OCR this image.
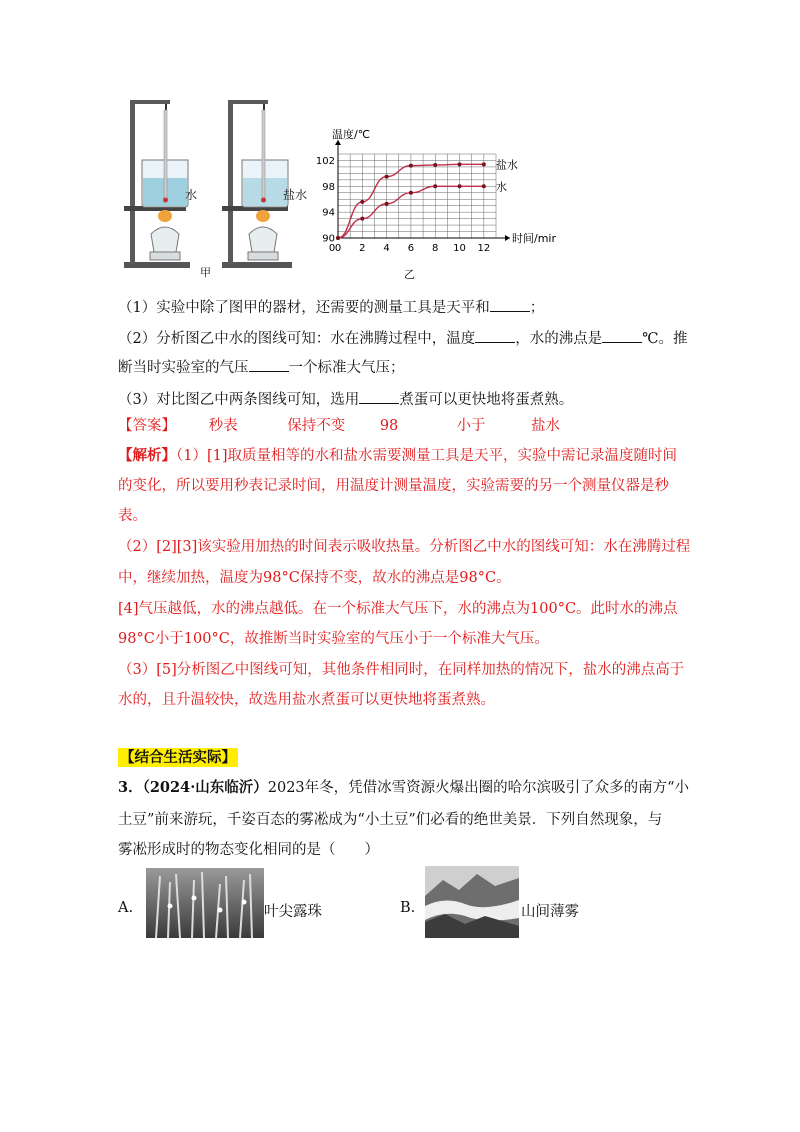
水	盐水
甲
0 2 4 6 8 10 12
94
98
102
90
0
温度/℃
时间/min
盐水
水
乙
（1）实验中除了图甲的器材，还需要的测量工具是天平和	；
（2）分析图乙中水的图线可知：水在沸腾过程中，温度	，水的沸点是	℃。推
断当时实验室的气压	一个标准大气压；
（3）对比图乙中两条图线可知，选用	煮蛋可以更快地将蛋煮熟。
【答案】 秒表	保持不变 98	小于	盐水
【解析】（1）[1]取质量相等的水和盐水需要测量工具是天平，实验中需记录温度随时间
的变化，所以要用秒表记录时间，用温度计测量温度，实验需要的另一个测量仪器是秒
表。
（2）[2][3]该实验用加热的时间表示吸收热量。分析图乙中水的图线可知：水在沸腾过程
中，继续加热，温度为98°C保持不变，故水的沸点是98°C。
[4]气压越低，水的沸点越低。在一个标准大气压下，水的沸点为100°C。此时水的沸点
98°C小于100°C，故推断当时实验室的气压小于一个标准大气压。
（3）[5]分析图乙中图线可知，其他条件相同时，在同样加热的情况下，盐水的沸点高于
水的，且升温较快，故选用盐水煮蛋可以更快地将蛋煮熟。
【结合生活实际】
3．（2024·山东临沂）2023年冬，凭借冰雪资源火爆出圈的哈尔滨吸引了众多的南方“小
土豆”前来游玩，千姿百态的雾凇成为“小土豆”们必看的绝世美景．下列自然现象，与
雾凇形成时的物态变化相同的是（　　）
A.	叶尖露珠	B.	山间薄雾
